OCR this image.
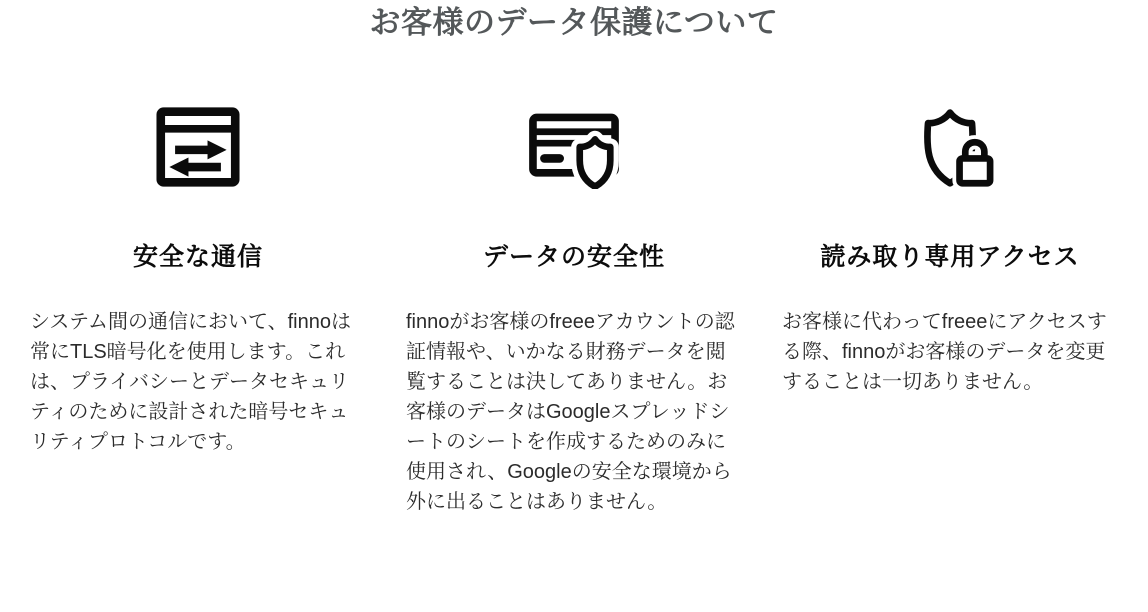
お客様のデータ保護について
安全な通信

システム間の通信において、finnoは常にTLS暗号化を使用します。これは、プライバシーとデータセキュリティのために設計された暗号セキュリティプロトコルです。

データの安全性

finnoがお客様のfreeeアカウントの認証情報や、いかなる財務データを閲覧することは決してありません。お客様のデータはGoogleスプレッドシートのシートを作成するためのみに使用され、Googleの安全な環境から外に出ることはありません。

読み取り専用アクセス

お客様に代わってfreeeにアクセスする際、finnoがお客様のデータを変更することは一切ありません。
